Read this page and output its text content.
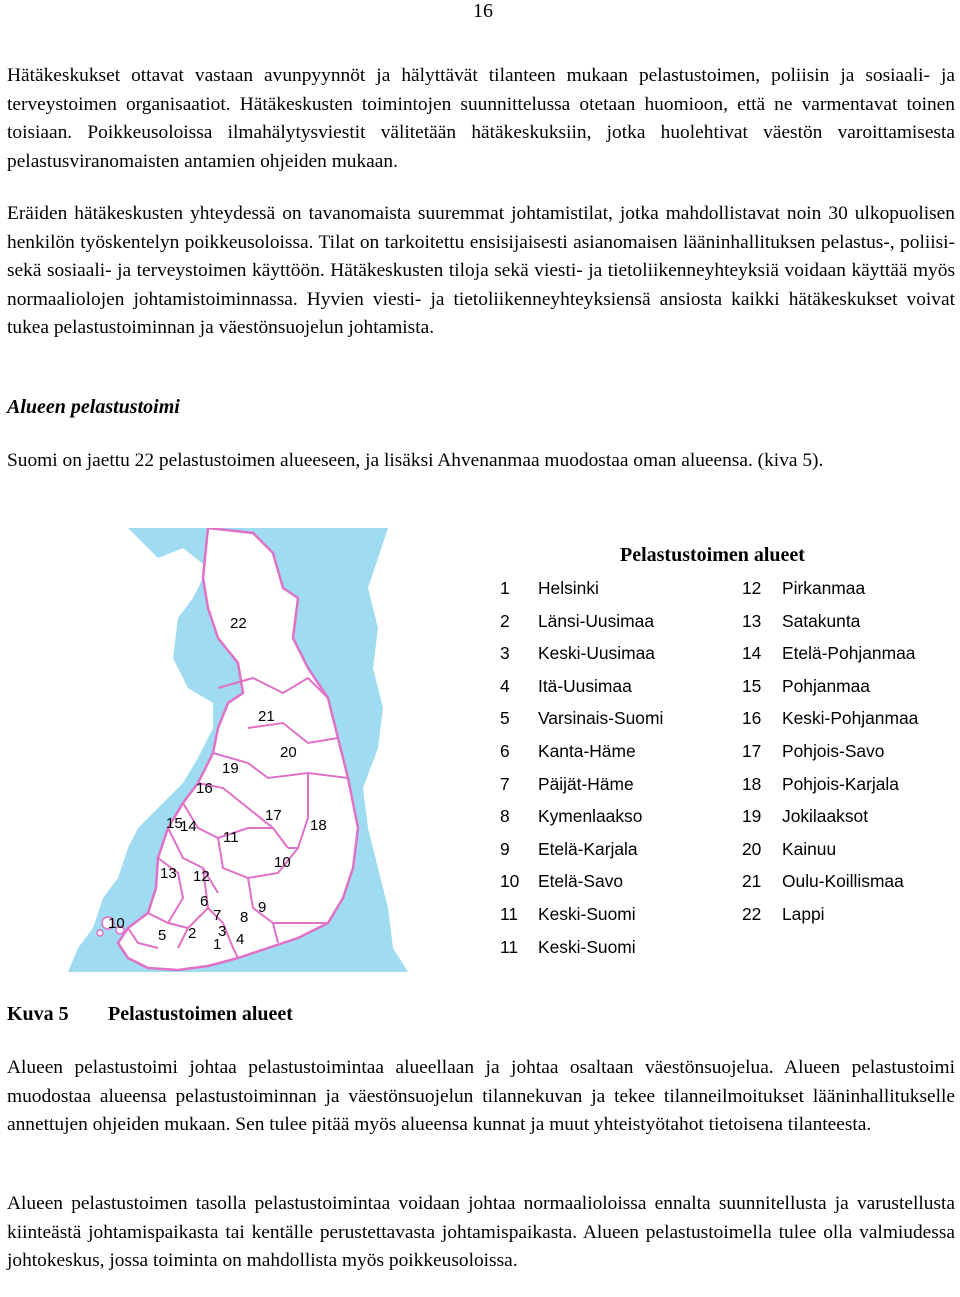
16

Hätäkeskukset ottavat vastaan avunpyynnöt ja hälyttävät tilanteen mukaan pelastustoimen, poliisin ja sosiaali- ja terveystoimen organisaatiot. Hätäkeskusten toimintojen suunnittelussa otetaan huomioon, että ne varmentavat toinen toisiaan. Poikkeusoloissa ilmahälytysviestit välitetään hätäkeskuksiin, jotka huolehtivat väestön varoittamisesta pelastusviranomaisten antamien ohjeiden mukaan.

Eräiden hätäkeskusten yhteydessä on tavanomaista suuremmat johtamistilat, jotka mahdollistavat noin 30 ulkopuolisen henkilön työskentelyn poikkeusoloissa. Tilat on tarkoitettu ensisijaisesti asianomaisen lääninhallituksen pelastus-, poliisi- sekä sosiaali- ja terveystoimen käyttöön. Hätäkeskusten tiloja sekä viesti- ja tietoliikenneyhteyksiä voidaan käyttää myös normaaliolojen johtamistoiminnassa. Hyvien viesti- ja tietoliikenneyhteyksiensä ansiosta kaikki hätäkeskukset voivat tukea pelastustoiminnan ja väestönsuojelun johtamista.

Alueen pelastustoimi

Suomi on jaettu 22 pelastustoimen alueeseen, ja lisäksi Ahvenanmaa muodostaa oman alueensa. (kiva 5).

22
21
20
19
16
15
14
17
18
11
10
13 12
9
6
7 8
3 4
5 2
1
10
Pelastustoimen alueet
1 Helsinki	12 Pirkanmaa
2 Länsi-Uusimaa	13 Satakunta
3 Keski-Uusimaa	14 Etelä-Pohjanmaa
4 Itä-Uusimaa	15 Pohjanmaa
5 Varsinais-Suomi	16 Keski-Pohjanmaa
6 Kanta-Häme	17 Pohjois-Savo
7 Päijät-Häme	18 Pohjois-Karjala
8 Kymenlaakso	19 Jokilaaksot
9 Etelä-Karjala	20 Kainuu
10 Etelä-Savo	21 Oulu-Koillismaa
11 Keski-Suomi	22 Lappi
11 Keski-Suomi
Kuva 5 Pelastustoimen alueet

Alueen pelastustoimi johtaa pelastustoimintaa alueellaan ja johtaa osaltaan väestönsuojelua. Alueen pelastustoimi muodostaa alueensa pelastustoiminnan ja väestönsuojelun tilannekuvan ja tekee tilanneilmoitukset lääninhallitukselle annettujen ohjeiden mukaan. Sen tulee pitää myös alueensa kunnat ja muut yhteistyötahot tietoisena tilanteesta.

Alueen pelastustoimen tasolla pelastustoimintaa voidaan johtaa normaalioloissa ennalta suunnitellusta ja varustellusta kiinteästä johtamispaikasta tai kentälle perustettavasta johtamispaikasta. Alueen pelastustoimella tulee olla valmiudessa johtokeskus, jossa toiminta on mahdollista myös poikkeusoloissa.
